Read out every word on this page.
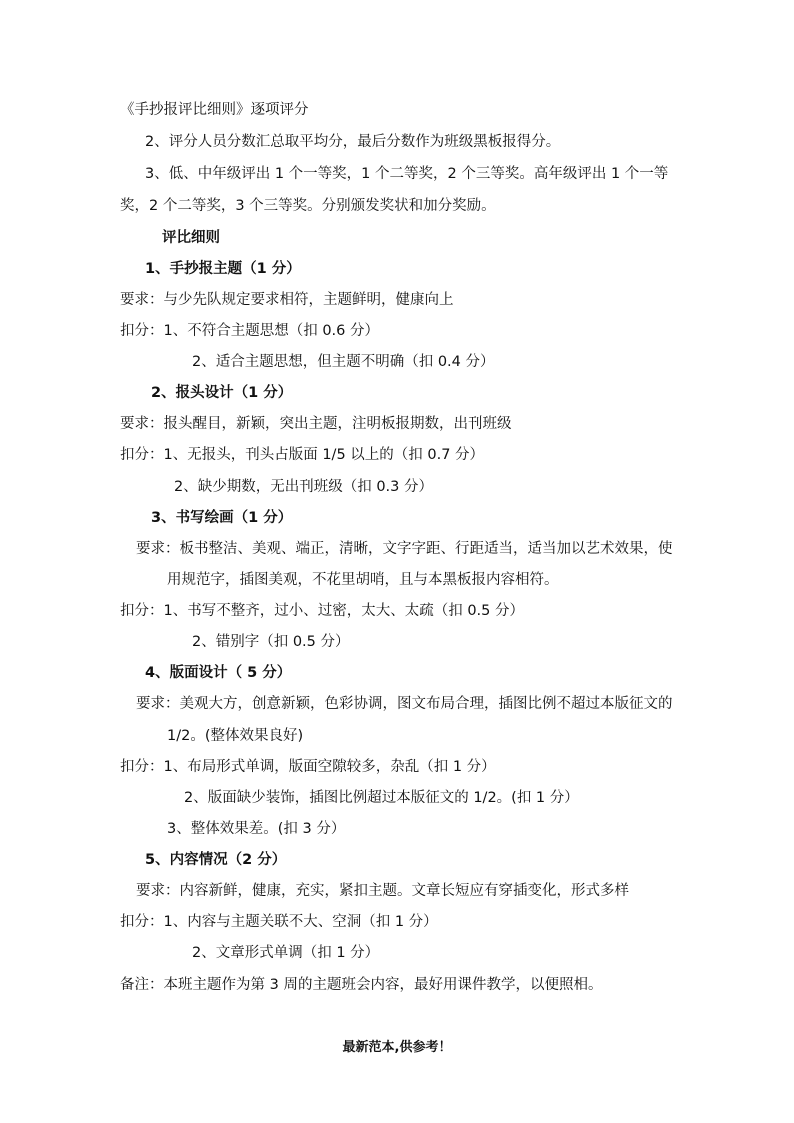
《手抄报评比细则》逐项评分
2、评分人员分数汇总取平均分，最后分数作为班级黑板报得分。
3、低、中年级评出 1 个一等奖，1 个二等奖，2 个三等奖。高年级评出 1 个一等
奖，2 个二等奖，3 个三等奖。分别颁发奖状和加分奖励。
评比细则
1、手抄报主题（1 分）
要求：与少先队规定要求相符，主题鲜明，健康向上
扣分：1、不符合主题思想（扣 0.6 分）
2、适合主题思想，但主题不明确（扣 0.4 分）
2、报头设计（1 分）
要求：报头醒目，新颖，突出主题，注明板报期数，出刊班级
扣分：1、无报头，刊头占版面 1/5 以上的（扣 0.7 分）
2、缺少期数，无出刊班级（扣 0.3 分）
3、书写绘画（1 分）
要求：板书整洁、美观、端正，清晰，文字字距、行距适当，适当加以艺术效果，使
用规范字，插图美观，不花里胡哨，且与本黑板报内容相符。
扣分：1、书写不整齐，过小、过密，太大、太疏（扣 0.5 分）
2、错别字（扣 0.5 分）
4、版面设计（ 5 分）
要求：美观大方，创意新颖，色彩协调，图文布局合理，插图比例不超过本版征文的
1/2。(整体效果良好)
扣分：1、布局形式单调，版面空隙较多，杂乱（扣 1 分）
2、版面缺少装饰，插图比例超过本版征文的 1/2。(扣 1 分）
3、整体效果差。(扣 3 分）
5、内容情况（2 分）
要求：内容新鲜，健康，充实，紧扣主题。文章长短应有穿插变化，形式多样
扣分：1、内容与主题关联不大、空洞（扣 1 分）
2、文章形式单调（扣 1 分）
备注：本班主题作为第 3 周的主题班会内容，最好用课件教学，以便照相。
最新范本,供参考！
